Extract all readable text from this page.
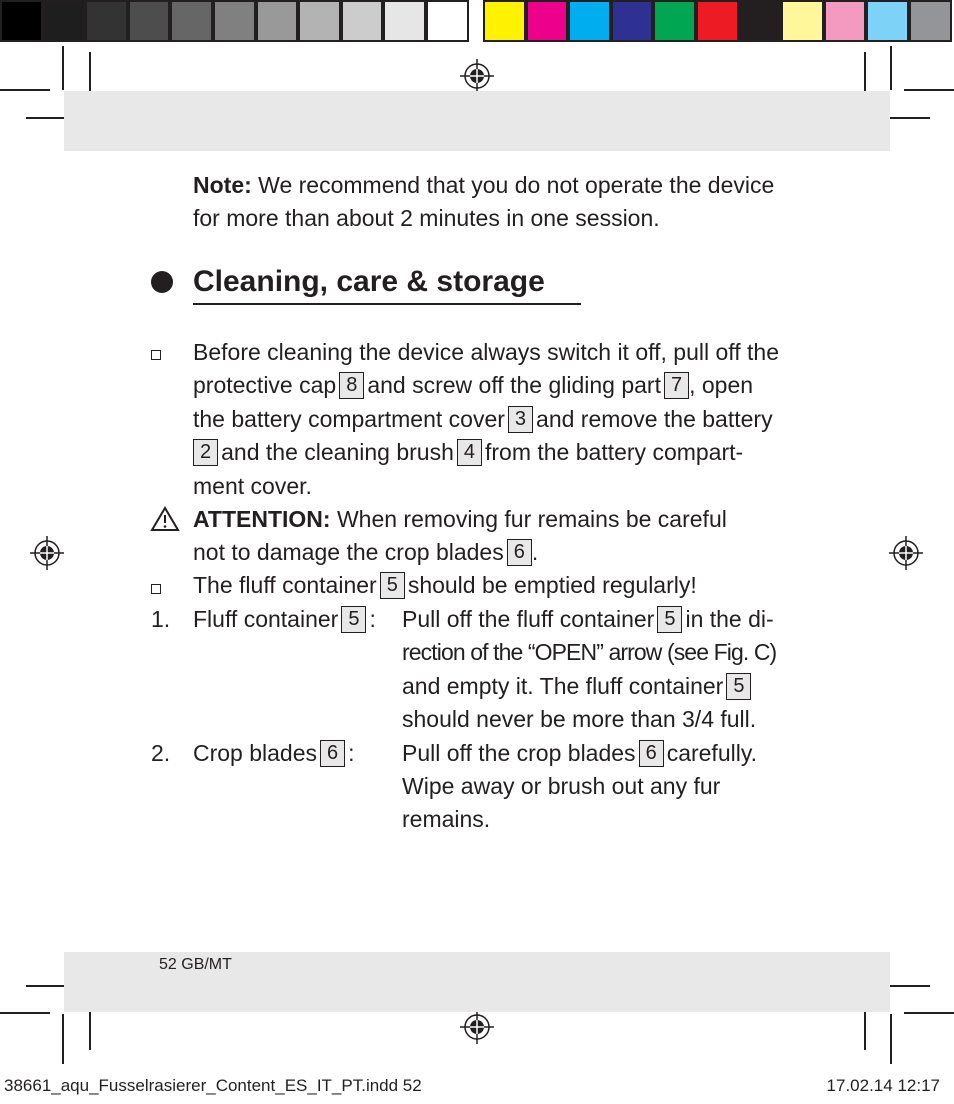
Note: We recommend that you do not operate the device
for more than about 2 minutes in one session.
Cleaning, care & storage
Before cleaning the device always switch it off, pull off the
protective cap 8 and screw off the gliding part 7 , open
the battery compartment cover 3 and remove the battery
2 and the cleaning brush 4 from the battery compart-
ment cover.
ATTENTION: When removing fur remains be careful
not to damage the crop blades 6 .
The fluff container 5 should be emptied regularly!
1. Fluff container 5 : Pull off the fluff container 5 in the di-
rection of the “OPEN” arrow (see Fig. C)
and empty it. The fluff container 5
should never be more than 3/4 full.
2. Crop blades 6 : Pull off the crop blades 6 carefully.
Wipe away or brush out any fur
remains.
52 GB/MT
38661_aqu_Fusselrasierer_Content_ES_IT_PT.indd 52	17.02.14 12:17
